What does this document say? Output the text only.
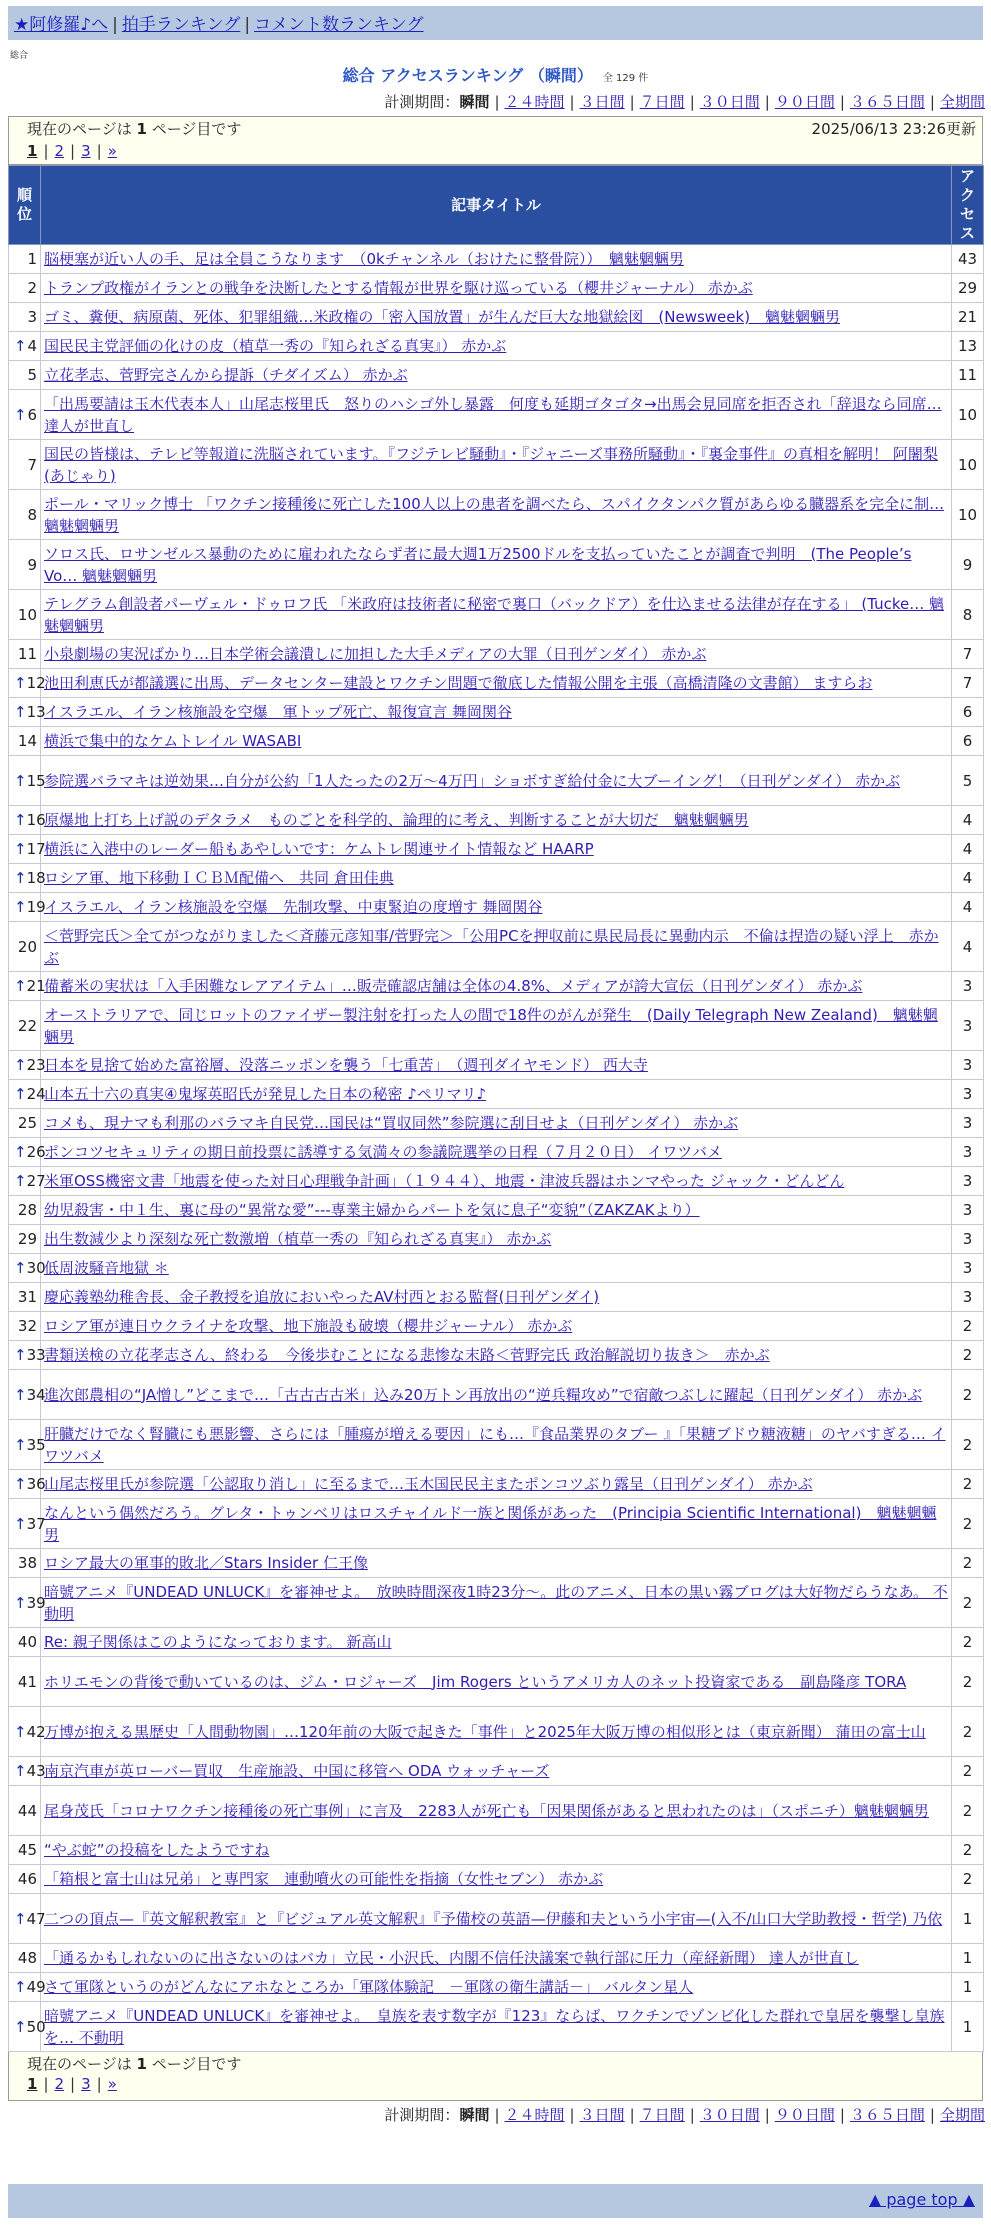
★阿修羅♪へ | 拍手ランキング | コメント数ランキング
総合
総合 アクセスランキング （瞬間） 全 129 件
計測期間：瞬間 | ２４時間 | ３日間 | ７日間 | ３０日間 | ９０日間 | ３６５日間 | 全期間
現在のページは 1 ページ目です	2025/06/13 23:26更新
1 | 2 | 3 | »
順位	記事タイトル	アクセス
1	脳梗塞が近い人の手、足は全員こうなります　（0kチャンネル（おけたに整骨院））　魑魅魍魎男	43
2	トランプ政権がイランとの戦争を決断したとする情報が世界を駆け巡っている（櫻井ジャーナル） 赤かぶ	29
3	ゴミ、糞便、病原菌、死体、犯罪組織…米政権の「密入国放置」が生んだ巨大な地獄絵図　(Newsweek)　魑魅魍魎男	21

↑ 4	国民民主党評価の化けの皮（植草一秀の『知られざる真実』） 赤かぶ	13
5	立花孝志、菅野完さんから提訴（チダイズム） 赤かぶ	11

↑ 6	「出馬要請は玉木代表本人」山尾志桜里氏　怒りのハシゴ外し暴露　何度も延期ゴタゴタ→出馬会見同席を拒否され「辞退なら同席… 達人が世直し	10
7	国民の皆様は、テレビ等報道に洗脳されています。『フジテレビ騒動』・『ジャニーズ事務所騒動』・『裏金事件』の真相を解明！ 阿闍梨(あじゃり)	10
8	ポール・マリック博士 「ワクチン接種後に死亡した100人以上の患者を調べたら、スパイクタンパク質があらゆる臓器系を完全に制… 魑魅魍魎男	10
9	ソロス氏、ロサンゼルス暴動のために雇われたならず者に最大週1万2500ドルを支払っていたことが調査で判明　(The People’s Vo… 魑魅魍魎男	9
10	テレグラム創設者パーヴェル・ドゥロフ氏 「米政府は技術者に秘密で裏口（バックドア）を仕込ませる法律が存在する」 (Tucke… 魑魅魍魎男	8
11	小泉劇場の実況ばかり…日本学術会議潰しに加担した大手メディアの大罪（日刊ゲンダイ） 赤かぶ	7

↑ 12	池田利恵氏が都議選に出馬、データセンター建設とワクチン問題で徹底した情報公開を主張（高橋清隆の文書館） ますらお	7

↑ 13	イスラエル、イラン核施設を空爆　軍トップ死亡、報復宣言 舞岡関谷	6
14	横浜で集中的なケムトレイル WASABI	6

↑ 15	参院選バラマキは逆効果…自分が公約「1人たったの2万～4万円」ショボすぎ給付金に大ブーイング！（日刊ゲンダイ） 赤かぶ	5

↑ 16	原爆地上打ち上げ説のデタラメ　ものごとを科学的、論理的に考え、判断することが大切だ　魑魅魍魎男	4

↑ 17	横浜に入港中のレーダー船もあやしいです：ケムトレ関連サイト情報など HAARP	4

↑ 18	ロシア軍、地下移動ＩＣＢＭ配備へ　共同 倉田佳典	4

↑ 19	イスラエル、イラン核施設を空爆　先制攻撃、中東緊迫の度増す 舞岡関谷	4
20	＜菅野完氏＞全てがつながりました＜斉藤元彦知事/菅野完＞「公用PCを押収前に県民局長に異動内示　不倫は捏造の疑い浮上　赤かぶ	4

↑ 21	備蓄米の実状は「入手困難なレアアイテム」…販売確認店舗は全体の4.8%、メディアが誇大宣伝（日刊ゲンダイ） 赤かぶ	3
22	オーストラリアで、同じロットのファイザー製注射を打った人の間で18件のがんが発生　(Daily Telegraph New Zealand)　魑魅魍魎男	3

↑ 23	日本を見捨て始めた富裕層、没落ニッポンを襲う「七重苦」　（週刊ダイヤモンド） 西大寺	3

↑ 24	山本五十六の真実④鬼塚英昭氏が発見した日本の秘密 ♪ペリマリ♪	3
25	コメも、現ナマも利那のバラマキ自民党…国民は“買収同然”参院選に刮目せよ（日刊ゲンダイ） 赤かぶ	3

↑ 26	ポンコツセキュリティの期日前投票に誘導する気満々の参議院選挙の日程（７月２０日） イワツバメ	3

↑ 27	米軍OSS機密文書「地震を使った対日心理戦争計画」（１９４４）、地震・津波兵器はホンマやった ジャック・どんどん	3
28	幼児殺害・中１生、裏に母の“異常な愛”---専業主婦からパートを気に息子“変貌”（ZAKZAKより）	3
29	出生数減少より深刻な死亡数激増（植草一秀の『知られざる真実』） 赤かぶ	3

↑ 30	低周波騒音地獄 ＊	3
31	慶応義塾幼稚舎長、金子教授を追放においやったAV村西とおる監督(日刊ゲンダイ)	3
32	ロシア軍が連日ウクライナを攻撃、地下施設も破壊（櫻井ジャーナル） 赤かぶ	2

↑ 33	書類送検の立花孝志さん、終わる　今後歩むことになる悲惨な末路＜菅野完氏 政治解説切り抜き＞　赤かぶ	2

↑ 34	進次郎農相の“JA憎し”どこまで…「古古古古米」込み20万トン再放出の“逆兵糧攻め”で宿敵つぶしに躍起（日刊ゲンダイ） 赤かぶ	2

↑ 35	肝臓だけでなく腎臓にも悪影響、さらには「腫瘍が増える要因」にも…『食品業界のタブー 』「果糖ブドウ糖液糖」のヤバすぎる… イワツバメ	2

↑ 36	山尾志桜里氏が参院選「公認取り消し」に至るまで…玉木国民民主またポンコツぶり露呈（日刊ゲンダイ） 赤かぶ	2

↑ 37	なんという偶然だろう。グレタ・トゥンベリはロスチャイルド一族と関係があった　(Principia Scientific International)　魑魅魍魎男	2
38	ロシア最大の軍事的敗北／Stars Insider 仁王像	2

↑ 39	暗號アニメ『UNDEAD UNLUCK』を審神せよ。　放映時間深夜1時23分〜。此のアニメ、日本の黒い霧ブログは大好物だらうなあ。 不動明	2
40	Re: 親子関係はこのようになっております。 新高山	2
41	ホリエモンの背後で動いているのは、ジム・ロジャーズ　Jim Rogers というアメリカ人のネット投資家である　副島隆彦 TORA	2

↑ 42	万博が抱える黒歴史「人間動物園」…120年前の大阪で起きた「事件」と2025年大阪万博の相似形とは（東京新聞） 蒲田の富士山	2

↑ 43	南京汽車が英ローバー買収　生産施設、中国に移管へ ODA ウォッチャーズ	2
44	尾身茂氏「コロナワクチン接種後の死亡事例」に言及　2283人が死亡も「因果関係があると思われたのは」（スポニチ）魑魅魍魎男	2
45	“やぶ蛇”の投稿をしたようですね	2
46	「箱根と富士山は兄弟」と専門家　連動噴火の可能性を指摘（女性セブン） 赤かぶ	2

↑ 47	二つの頂点—『英文解釈教室』と『ビジュアル英文解釈』『予備校の英語—伊藤和夫という小宇宙—(入不/山口大学助教授・哲学) 乃依	1
48	「通るかもしれないのに出さないのはバカ」立民・小沢氏、内閣不信任決議案で執行部に圧力（産経新聞） 達人が世直し	1

↑ 49	さて軍隊というのがどんなにアホなところか「軍隊体験記　－軍隊の衛生講話－」 バルタン星人	1

↑ 50	暗號アニメ『UNDEAD UNLUCK』を審神せよ。　皇族を表す数字が『123』ならば、ワクチンでゾンビ化した群れで皇居を襲撃し皇族を… 不動明	1
現在のページは 1 ページ目です
1 | 2 | 3 | »
計測期間：瞬間 | ２４時間 | ３日間 | ７日間 | ３０日間 | ９０日間 | ３６５日間 | 全期間
▲ page top ▲
